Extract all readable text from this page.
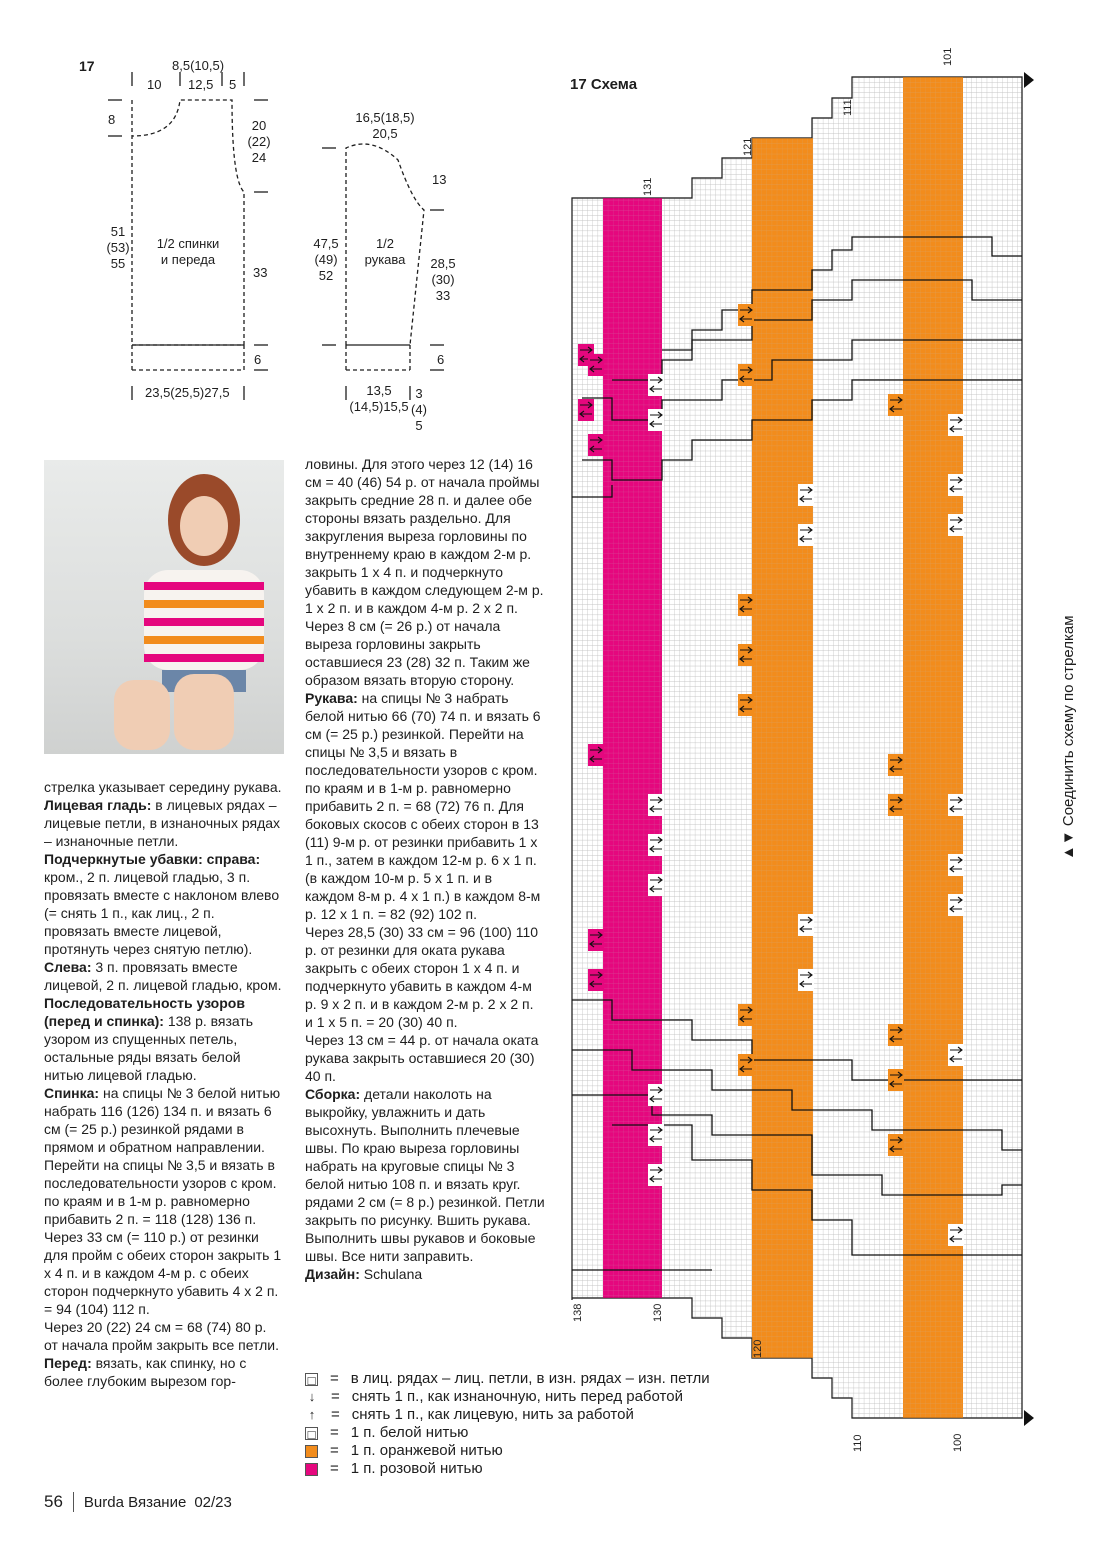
17	8,5(10,5)
10 12,5 5
8	20
(22)
24
51
(53)
55
1/2 спинки
и переда
33
6
23,5(25,5)27,5
16,5(18,5)
20,5
13
47,5
(49)
52
1/2
рукава	28,5
(30)
33
6
13,5
(14,5)15,5
3
(4)
5

стрелка указывает середину рукава.

Лицевая гладь: в лицевых рядах – лицевые петли, в изнаночных рядах – изнаночные петли.

Подчеркнутые убавки: справа: кром., 2 п. лицевой гладью, 3 п. провязать вместе с наклоном влево (= снять 1 п., как лиц., 2 п. провязать вместе лицевой, протянуть через снятую петлю).

Слева: 3 п. провязать вместе лицевой, 2 п. лицевой гладью, кром.

Последовательность узоров (перед и спинка): 138 р. вязать узором из спущенных петель, остальные ряды вязать белой нитью лицевой гладью.

Спинка: на спицы № 3 белой нитью набрать 116 (126) 134 п. и вязать 6 см (= 25 р.) резинкой рядами в прямом и обратном направлении.

Перейти на спицы № 3,5 и вязать в последовательности узоров с кром. по краям и в 1-м р. равномерно прибавить 2 п. = 118 (128) 136 п. Через 33 см (= 110 р.) от резинки для пройм с обеих сторон закрыть 1 х 4 п. и в каждом 4-м р. с обеих сторон подчеркнуто убавить 4 х 2 п. = 94 (104) 112 п.

Через 20 (22) 24 см = 68 (74) 80 р. от начала пройм закрыть все петли.

Перед: вязать, как спинку, но с более глубоким вырезом гор-

ловины. Для этого через 12 (14) 16 см = 40 (46) 54 р. от начала проймы закрыть средние 28 п. и далее обе стороны вязать раздельно. Для закругления выреза горловины по внутреннему краю в каждом 2-м р. закрыть 1 х 4 п. и подчеркнуто убавить в каждом следующем 2-м р. 1 х 2 п. и в каждом 4-м р. 2 х 2 п. Через 8 см (= 26 р.) от начала выреза горловины закрыть оставшиеся 23 (28) 32 п. Таким же образом вязать вторую сторону.

Рукава: на спицы № 3 набрать белой нитью 66 (70) 74 п. и вязать 6 см (= 25 р.) резинкой. Перейти на спицы № 3,5 и вязать в последовательности узоров с кром. по краям и в 1-м р. равномерно прибавить 2 п. = 68 (72) 76 п. Для боковых скосов с обеих сторон в 13 (11) 9-м р. от резинки прибавить 1 х 1 п., затем в каждом 12-м р. 6 х 1 п. (в каждом 10-м р. 5 х 1 п. и в каждом 8-м р. 4 х 1 п.) в каждом 8-м р. 12 х 1 п. = 82 (92) 102 п.

Через 28,5 (30) 33 см = 96 (100) 110 р. от резинки для оката рукава закрыть с обеих сторон 1 х 4 п. и подчеркнуто убавить в каждом 4-м р. 9 х 2 п. и в каждом 2-м р. 2 х 2 п. и 1 х 5 п. = 20 (30) 40 п.

Через 13 см = 44 р. от начала оката рукава закрыть оставшиеся 20 (30) 40 п.

Сборка: детали наколоть на выкройку, увлажнить и дать высохнуть. Выполнить плечевые швы. По краю выреза горловины набрать на круговые спицы № 3 белой нитью 108 п. и вязать круг. рядами 2 см (= 8 р.) резинкой. Петли закрыть по рисунку. Вшить рукава. Выполнить швы рукавов и боковые швы. Все нити заправить.

Дизайн: Schulana

□ = в лиц. рядах – лиц. петли, в изн. рядах – изн. петли
↓ = снять 1 п., как изнаночную, нить перед работой
↑ = снять 1 п., как лицевую, нить за работой
□ = 1 п. белой нитью
= 1 п. оранжевой нитью
= 1 п. розовой нитью
17 Схема
101
111
121
131
138	130
120
110	100
▲▼ Соединить схему по стрелкам
56 Burda Вязание 02/23
